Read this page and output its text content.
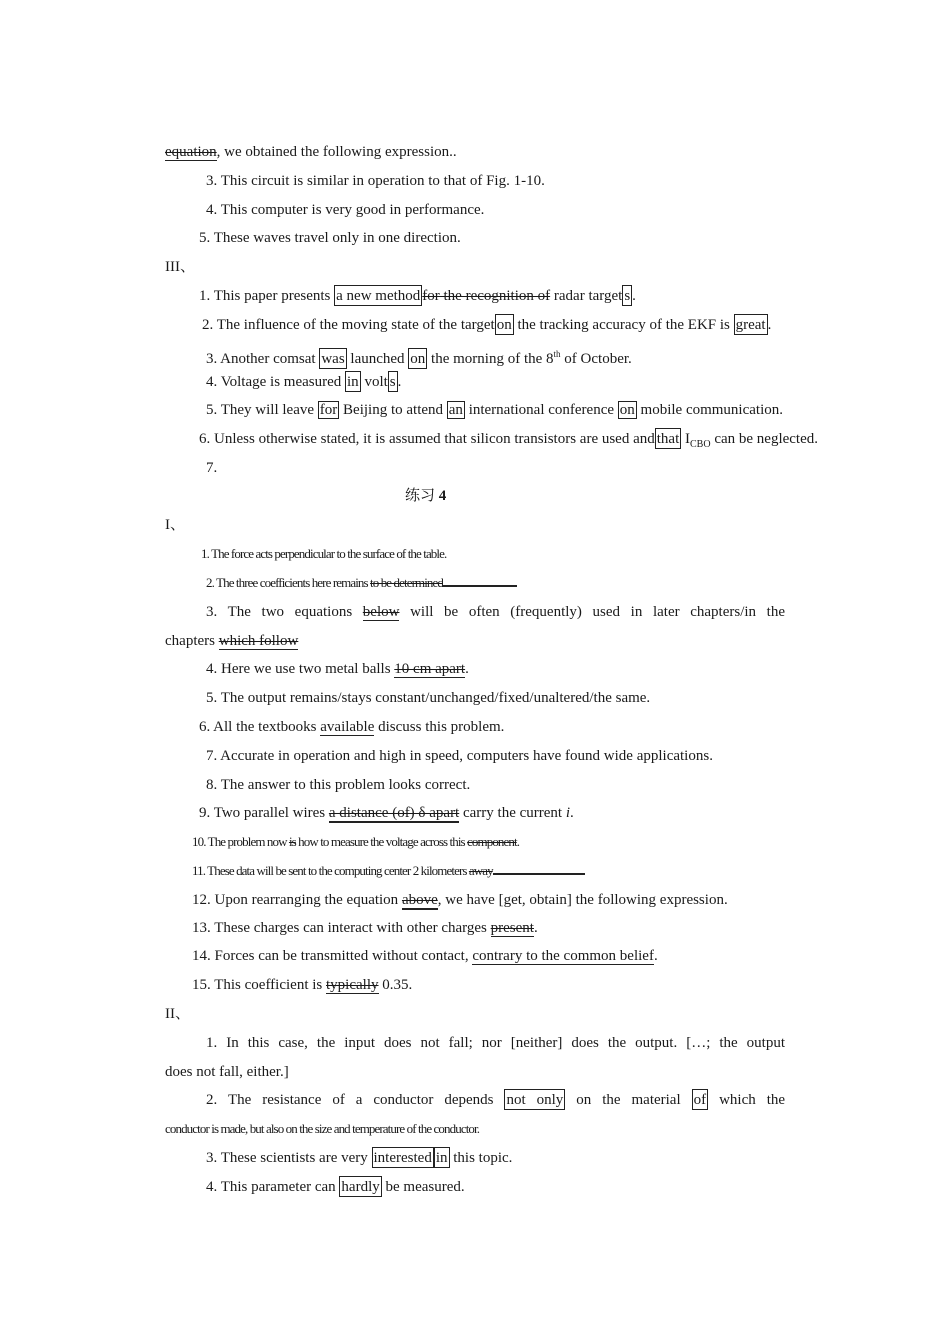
equation, we obtained the following expression..
3. This circuit is similar in operation to that of Fig. 1-10.
4. This computer is very good in performance.
5. These waves travel only in one direction.
III、
1. This paper presents a new method for the recognition of radar target s .
2. The influence of the moving state of the target on the tracking accuracy of the EKF is great .
3. Another comsat was launched on the morning of the 8th of October.
4. Voltage is measured in volt s .
5. They will leave for Beijing to attend an international conference on mobile communication.
6. Unless otherwise stated, it is assumed that silicon transistors are used and that $I_{CBO}$ can be neglected.
7.
练习 4
I、
1. The force acts perpendicular to the surface of the table.
2. The three coefficients here remains to be determined
3. The two equations below will be often (frequently) used in later chapters/in the
chapters which follow
4. Here we use two metal balls 10 cm apart.
5. The output remains/stays constant/unchanged/fixed/unaltered/the same.
6. All the textbooks available discuss this problem.
7. Accurate in operation and high in speed, computers have found wide applications.
8. The answer to this problem looks correct.
9. Two parallel wires a distance (of) δ apart carry the current i.
10. The problem now is how to measure the voltage across this component.
11. These data will be sent to the computing center 2 kilometers away
12. Upon rearranging the equation above, we have [get, obtain] the following expression.
13. These charges can interact with other charges present.
14. Forces can be transmitted without contact, contrary to the common belief.
15. This coefficient is typically 0.35.
II、
1. In this case, the input does not fall; nor [neither] does the output. […; the output
does not fall, either.]
2. The resistance of a conductor depends not only on the material of which the
conductor is made, but also on the size and temperature of the conductor.
3. These scientists are very interested in this topic.
4. This parameter can hardly be measured.
